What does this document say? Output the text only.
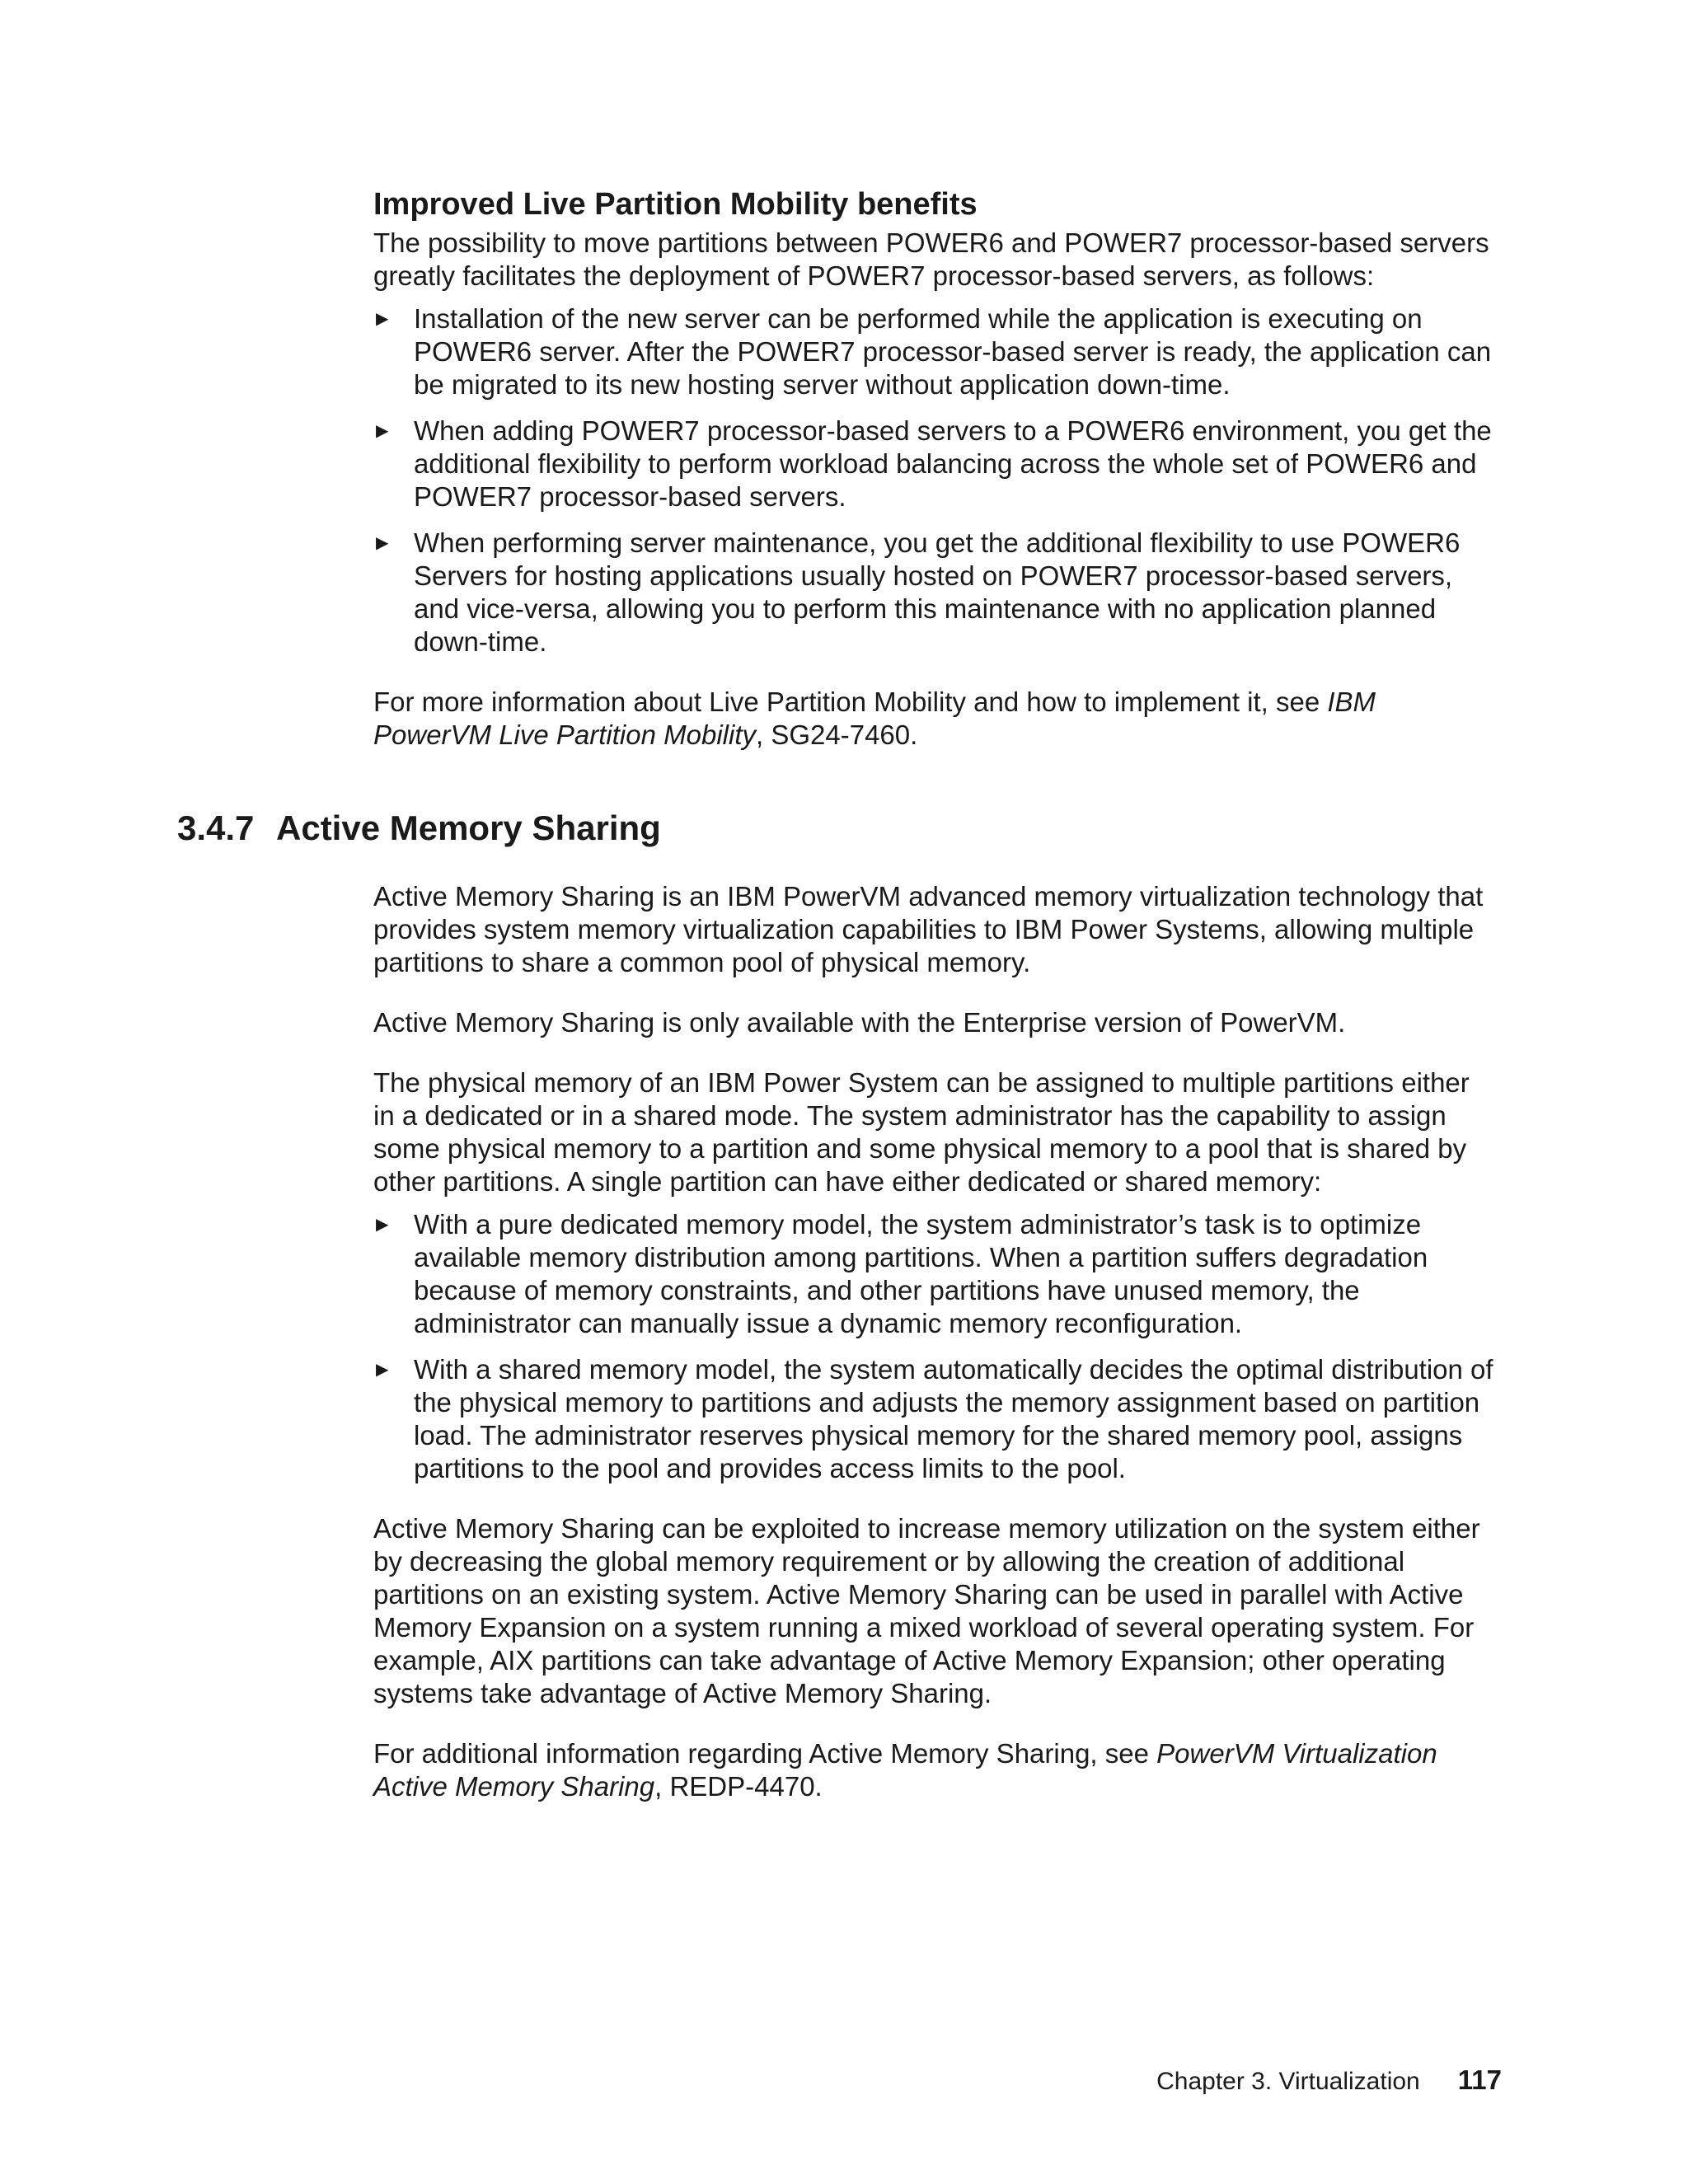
Improved Live Partition Mobility benefits

The possibility to move partitions between POWER6 and POWER7 processor-based servers greatly facilitates the deployment of POWER7 processor-based servers, as follows:

▶ Installation of the new server can be performed while the application is executing on POWER6 server. After the POWER7 processor-based server is ready, the application can be migrated to its new hosting server without application down-time.
▶ When adding POWER7 processor-based servers to a POWER6 environment, you get the additional flexibility to perform workload balancing across the whole set of POWER6 and POWER7 processor-based servers.
▶ When performing server maintenance, you get the additional flexibility to use POWER6 Servers for hosting applications usually hosted on POWER7 processor-based servers, and vice-versa, allowing you to perform this maintenance with no application planned down-time.

For more information about Live Partition Mobility and how to implement it, see IBM PowerVM Live Partition Mobility, SG24-7460.

3.4.7 Active Memory Sharing

Active Memory Sharing is an IBM PowerVM advanced memory virtualization technology that provides system memory virtualization capabilities to IBM Power Systems, allowing multiple partitions to share a common pool of physical memory.

Active Memory Sharing is only available with the Enterprise version of PowerVM.

The physical memory of an IBM Power System can be assigned to multiple partitions either in a dedicated or in a shared mode. The system administrator has the capability to assign some physical memory to a partition and some physical memory to a pool that is shared by other partitions. A single partition can have either dedicated or shared memory:

▶ With a pure dedicated memory model, the system administrator’s task is to optimize available memory distribution among partitions. When a partition suffers degradation because of memory constraints, and other partitions have unused memory, the administrator can manually issue a dynamic memory reconfiguration.
▶ With a shared memory model, the system automatically decides the optimal distribution of the physical memory to partitions and adjusts the memory assignment based on partition load. The administrator reserves physical memory for the shared memory pool, assigns partitions to the pool and provides access limits to the pool.

Active Memory Sharing can be exploited to increase memory utilization on the system either by decreasing the global memory requirement or by allowing the creation of additional partitions on an existing system. Active Memory Sharing can be used in parallel with Active Memory Expansion on a system running a mixed workload of several operating system. For example, AIX partitions can take advantage of Active Memory Expansion; other operating systems take advantage of Active Memory Sharing.

For additional information regarding Active Memory Sharing, see PowerVM Virtualization Active Memory Sharing, REDP-4470.

Chapter 3. Virtualization 117
